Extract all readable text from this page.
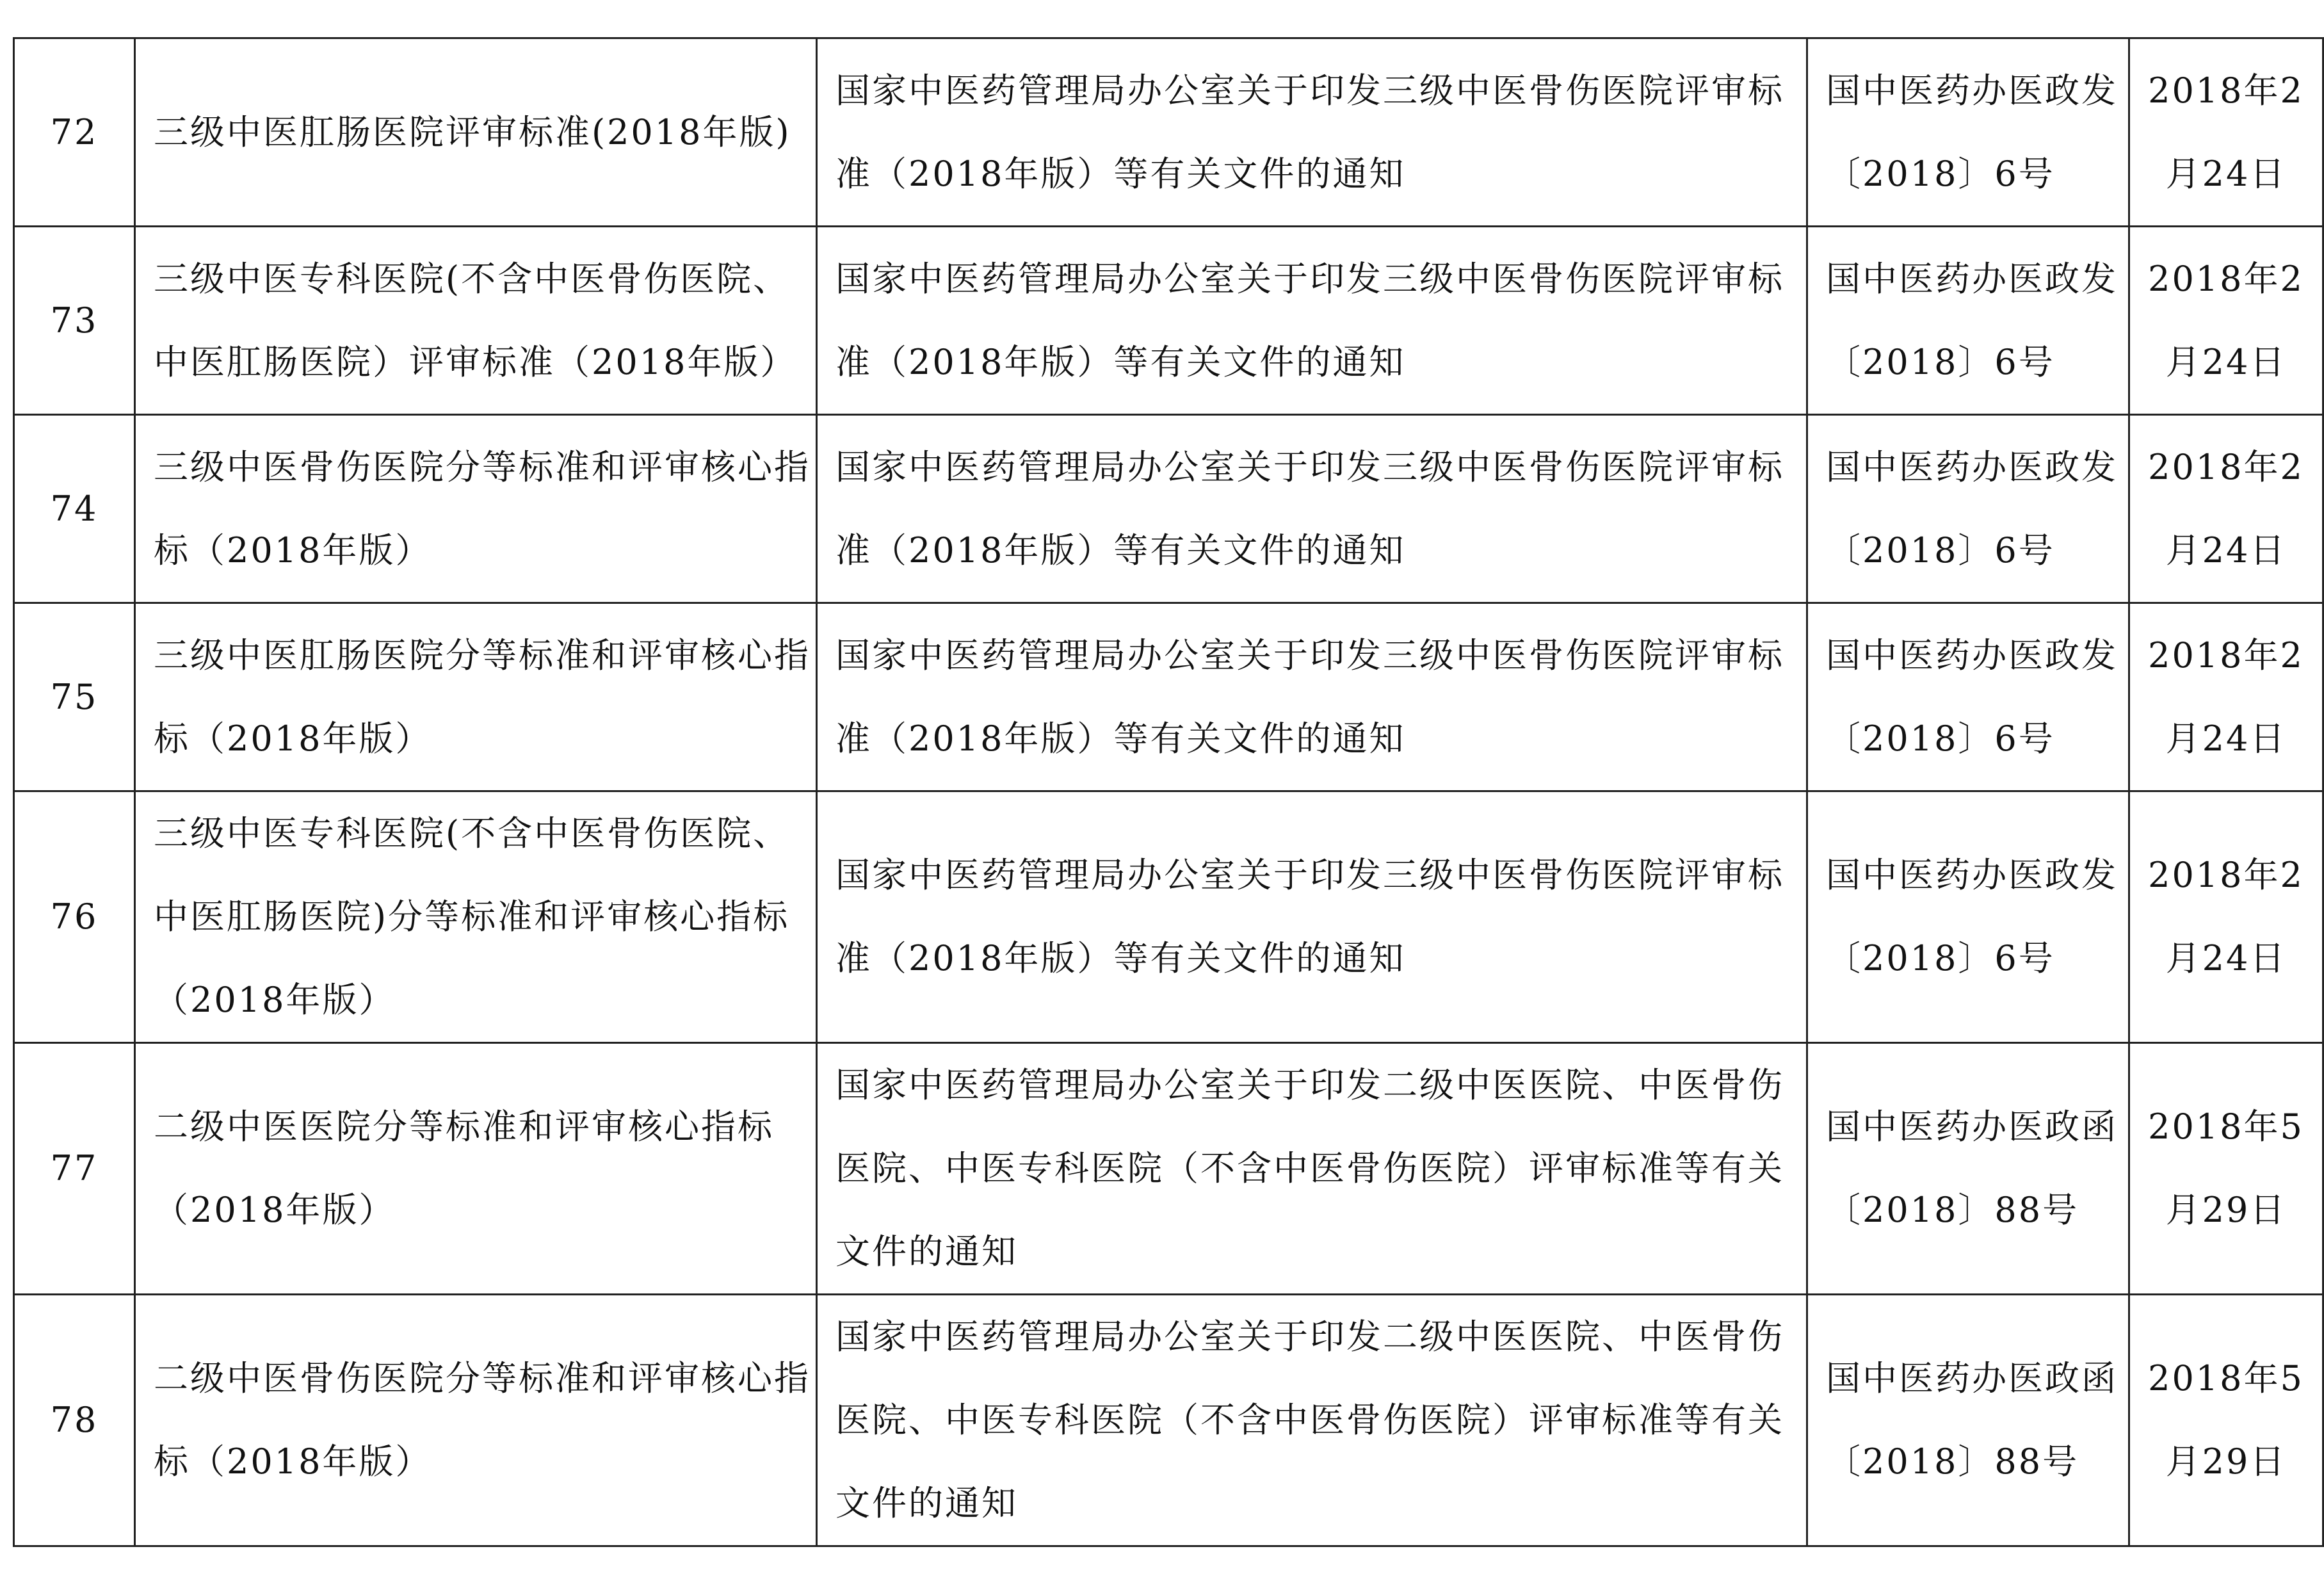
72	三级中医肛肠医院评审标准(2018年版)	国家中医药管理局办公室关于印发三级中医骨伤医院评审标准（2018年版）等有关文件的通知	国中医药办医政发〔2018〕6号	2018年2月24日

73	三级中医专科医院(不含中医骨伤医院、中医肛肠医院）评审标准（2018年版）	国家中医药管理局办公室关于印发三级中医骨伤医院评审标准（2018年版）等有关文件的通知	国中医药办医政发〔2018〕6号	2018年2月24日

74	三级中医骨伤医院分等标准和评审核心指标（2018年版）	国家中医药管理局办公室关于印发三级中医骨伤医院评审标准（2018年版）等有关文件的通知	国中医药办医政发〔2018〕6号	2018年2月24日

75	三级中医肛肠医院分等标准和评审核心指标（2018年版）	国家中医药管理局办公室关于印发三级中医骨伤医院评审标准（2018年版）等有关文件的通知	国中医药办医政发〔2018〕6号	2018年2月24日

76	三级中医专科医院(不含中医骨伤医院、中医肛肠医院)分等标准和评审核心指标（2018年版）	国家中医药管理局办公室关于印发三级中医骨伤医院评审标准（2018年版）等有关文件的通知	国中医药办医政发〔2018〕6号	2018年2月24日

77	二级中医医院分等标准和评审核心指标（2018年版）	国家中医药管理局办公室关于印发二级中医医院、中医骨伤医院、中医专科医院（不含中医骨伤医院）评审标准等有关文件的通知	国中医药办医政函〔2018〕88号	2018年5月29日

78	二级中医骨伤医院分等标准和评审核心指标（2018年版）	国家中医药管理局办公室关于印发二级中医医院、中医骨伤医院、中医专科医院（不含中医骨伤医院）评审标准等有关文件的通知	国中医药办医政函〔2018〕88号	2018年5月29日
